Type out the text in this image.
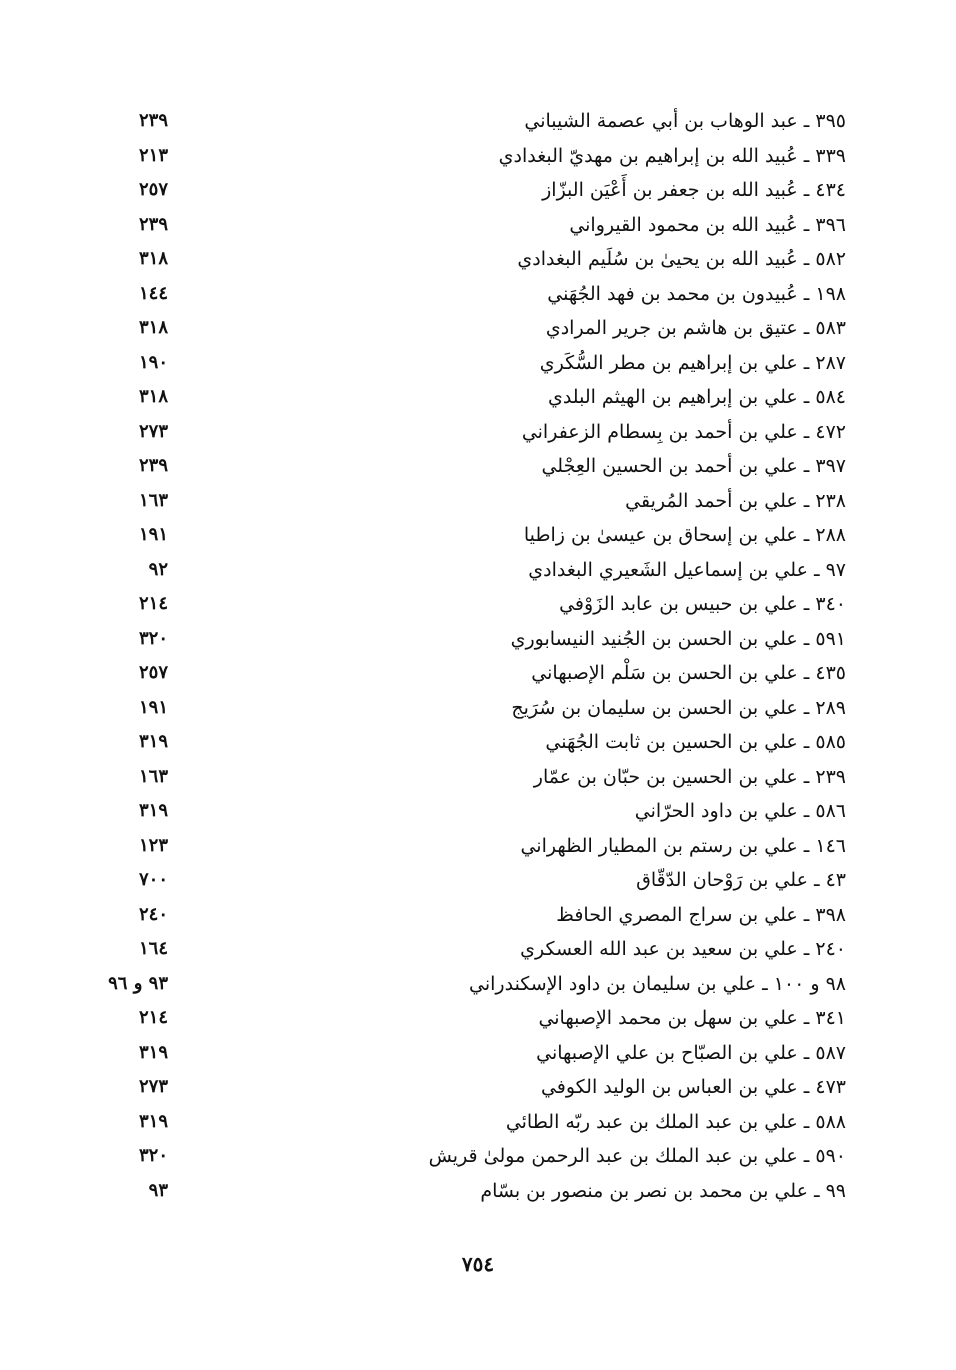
٣٩٥ ـ عبد الوهاب بن أبي عصمة الشيباني
٢٣٩
٣٣٩ ـ عُبيد الله بن إبراهيم بن مهديّ البغدادي
٢١٣
٤٣٤ ـ عُبيد الله بن جعفر بن أَعْيَن البزّاز
٢٥٧
٣٩٦ ـ عُبيد الله بن محمود القيرواني
٢٣٩
٥٨٢ ـ عُبيد الله بن يحيىٰ بن سُلَيم البغدادي
٣١٨
١٩٨ ـ عُبيدون بن محمد بن فهد الجُهَني
١٤٤
٥٨٣ ـ عتيق بن هاشم بن جرير المرادي
٣١٨
٢٨٧ ـ علي بن إبراهيم بن مطر السُّكَري
١٩٠
٥٨٤ ـ علي بن إبراهيم بن الهيثم البلدي
٣١٨
٤٧٢ ـ علي بن أحمد بن بِسطام الزعفراني
٢٧٣
٣٩٧ ـ علي بن أحمد بن الحسين العِجْلي
٢٣٩
٢٣٨ ـ علي بن أحمد المُريقي
١٦٣
٢٨٨ ـ علي بن إسحاق بن عيسىٰ بن زاطيا
١٩١
٩٧ ـ علي بن إسماعيل الشَعيري البغدادي
٩٢
٣٤٠ ـ علي بن حبيس بن عابد الزَوْفي
٢١٤
٥٩١ ـ علي بن الحسن بن الجُنيد النيسابوري
٣٢٠
٤٣٥ ـ علي بن الحسن بن سَلْم الإصبهاني
٢٥٧
٢٨٩ ـ علي بن الحسن بن سليمان بن سُرَيج
١٩١
٥٨٥ ـ علي بن الحسين بن ثابت الجُهَني
٣١٩
٢٣٩ ـ علي بن الحسين بن حبّان بن عمّار
١٦٣
٥٨٦ ـ علي بن داود الحرّاني
٣١٩
١٤٦ ـ علي بن رستم بن المطيار الظهراني
١٢٣
٤٣ ـ علي بن رَوْحان الدّقّاق
٧٠٠
٣٩٨ ـ علي بن سراج المصري الحافظ
٢٤٠
٢٤٠ ـ علي بن سعيد بن عبد الله العسكري
١٦٤
٩٨ و ١٠٠ ـ علي بن سليمان بن داود الإسكندراني
٩٣ و ٩٦
٣٤١ ـ علي بن سهل بن محمد الإصبهاني
٢١٤
٥٨٧ ـ علي بن الصبّاح بن علي الإصبهاني
٣١٩
٤٧٣ ـ علي بن العباس بن الوليد الكوفي
٢٧٣
٥٨٨ ـ علي بن عبد الملك بن عبد ربّه الطائي
٣١٩
٥٩٠ ـ علي بن عبد الملك بن عبد الرحمن مولىٰ قريش
٣٢٠
٩٩ ـ علي بن محمد بن نصر بن منصور بن بسّام
٩٣
٧٥٤
